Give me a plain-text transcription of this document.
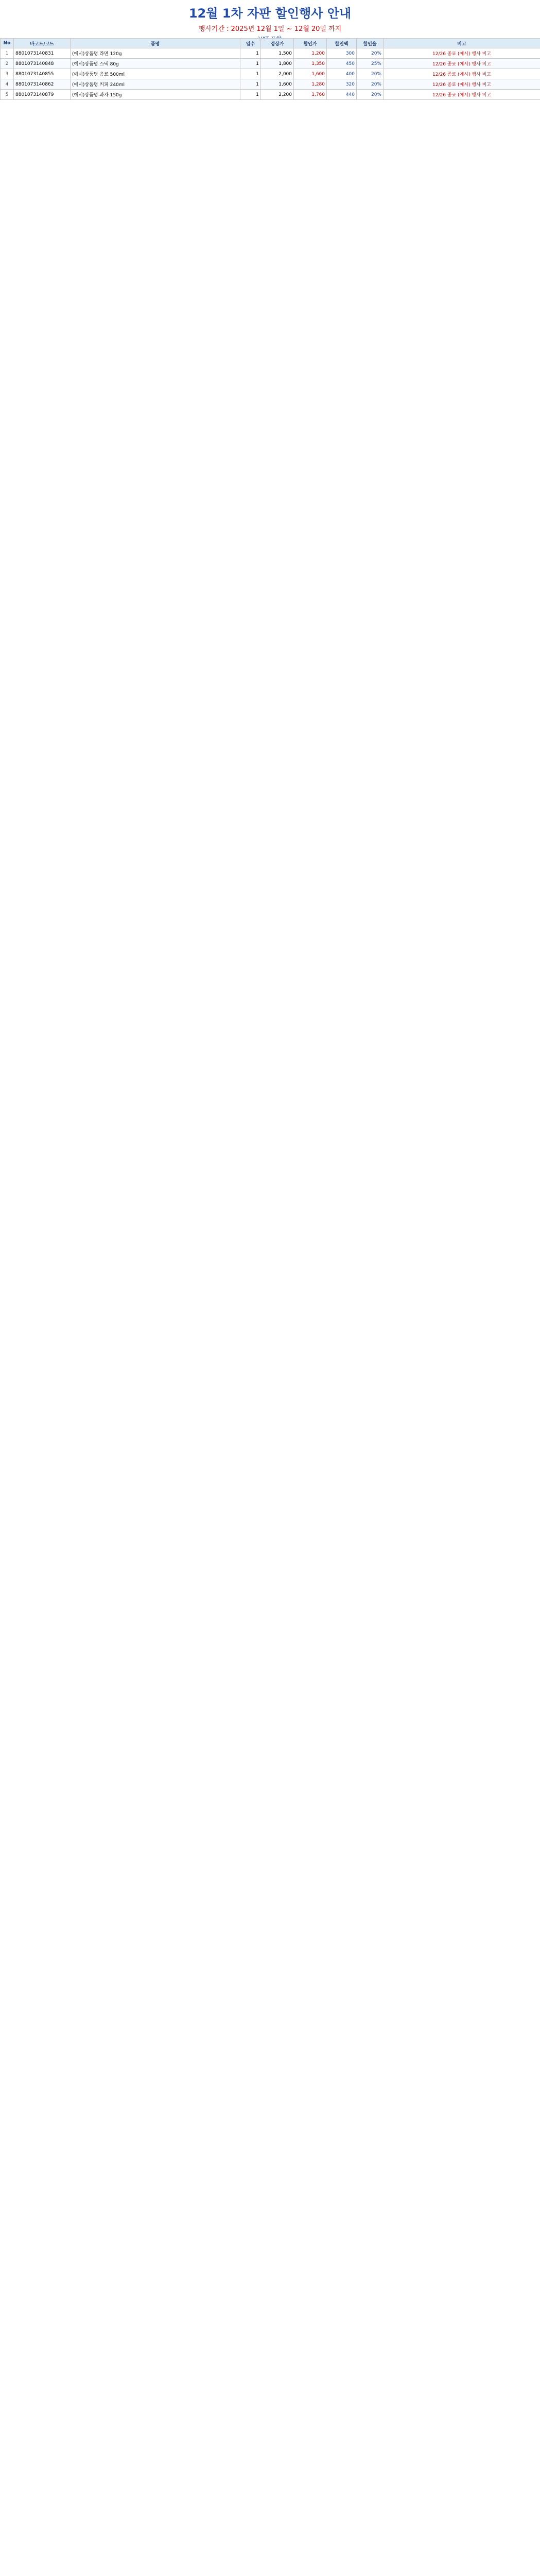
12월 1차 자판 할인행사 안내
행사기간 : 2025년 12월 1일 ~ 12월 20일 까지
No	바코드/코드	품명	입수	정상가	할인가	할인액	할인율	비고
1	8801073140831	(예시)상품명 라면 120g	1	1,500	1,200	300	20%	12/26 종료 (예시) 행사 비고
2	8801073140848	(예시)상품명 스낵 80g	1	1,800	1,350	450	25%	12/26 종료 (예시) 행사 비고
3	8801073140855	(예시)상품명 음료 500ml	1	2,000	1,600	400	20%	12/26 종료 (예시) 행사 비고
4	8801073140862	(예시)상품명 커피 240ml	1	1,600	1,280	320	20%	12/26 종료 (예시) 행사 비고
5	8801073140879	(예시)상품명 과자 150g	1	2,200	1,760	440	20%	12/26 종료 (예시) 행사 비고
